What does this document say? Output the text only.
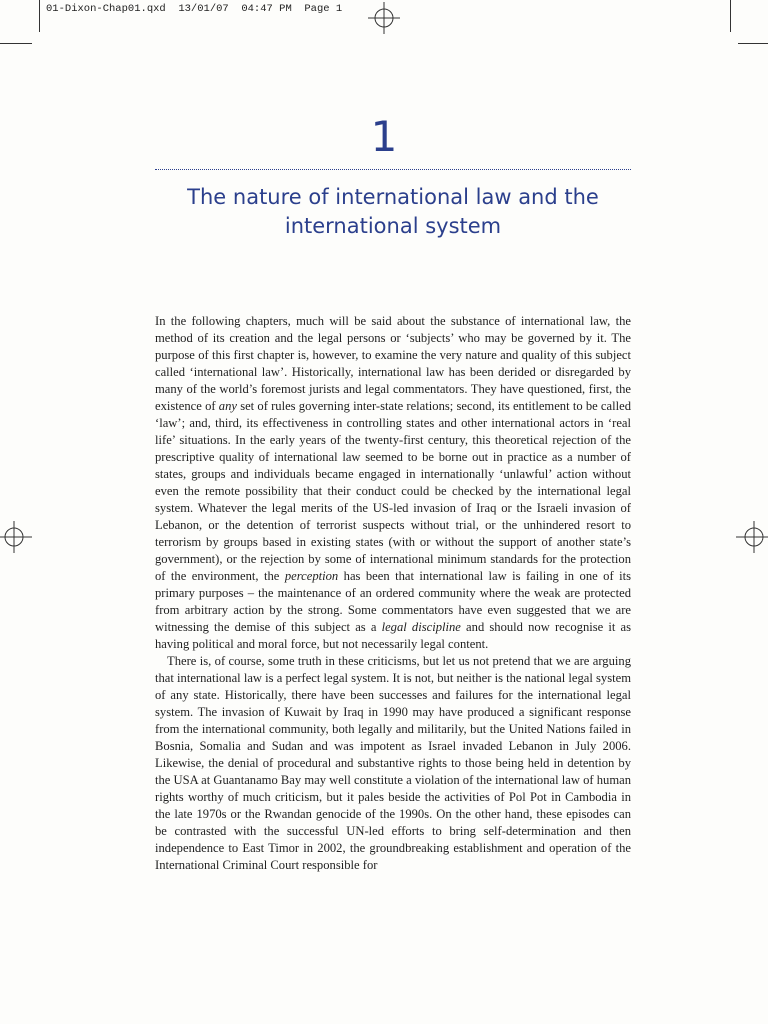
01-Dixon-Chap01.qxd  13/01/07  04:47 PM  Page 1
1
The nature of international law and the international system

In the following chapters, much will be said about the substance of international law, the method of its creation and the legal persons or ‘subjects’ who may be governed by it. The purpose of this first chapter is, however, to examine the very nature and quality of this subject called ‘international law’. Historically, international law has been derided or disregarded by many of the world’s foremost jurists and legal commentators. They have questioned, first, the existence of any set of rules governing inter-state relations; second, its entitlement to be called ‘law’; and, third, its effectiveness in controlling states and other international actors in ‘real life’ situations. In the early years of the twenty-first century, this theoretical rejection of the prescriptive quality of international law seemed to be borne out in practice as a number of states, groups and individuals became engaged in internationally ‘unlawful’ action without even the remote possibility that their conduct could be checked by the international legal system. Whatever the legal merits of the US-led invasion of Iraq or the Israeli invasion of Lebanon, or the detention of terrorist suspects without trial, or the unhindered resort to terrorism by groups based in existing states (with or without the support of another state’s government), or the rejection by some of international minimum standards for the protection of the environment, the perception has been that international law is failing in one of its primary purposes – the maintenance of an ordered community where the weak are protected from arbitrary action by the strong. Some commentators have even suggested that we are witnessing the demise of this subject as a legal discipline and should now recognise it as having political and moral force, but not necessarily legal content.

There is, of course, some truth in these criticisms, but let us not pretend that we are arguing that international law is a perfect legal system. It is not, but neither is the national legal system of any state. Historically, there have been successes and failures for the international legal system. The invasion of Kuwait by Iraq in 1990 may have produced a significant response from the international community, both legally and militarily, but the United Nations failed in Bosnia, Somalia and Sudan and was impotent as Israel invaded Lebanon in July 2006. Likewise, the denial of procedural and substantive rights to those being held in detention by the USA at Guantanamo Bay may well constitute a violation of the international law of human rights worthy of much criticism, but it pales beside the activities of Pol Pot in Cambodia in the late 1970s or the Rwandan genocide of the 1990s. On the other hand, these episodes can be contrasted with the successful UN-led efforts to bring self-determination and then independence to East Timor in 2002, the groundbreaking establishment and operation of the International Criminal Court responsible for
